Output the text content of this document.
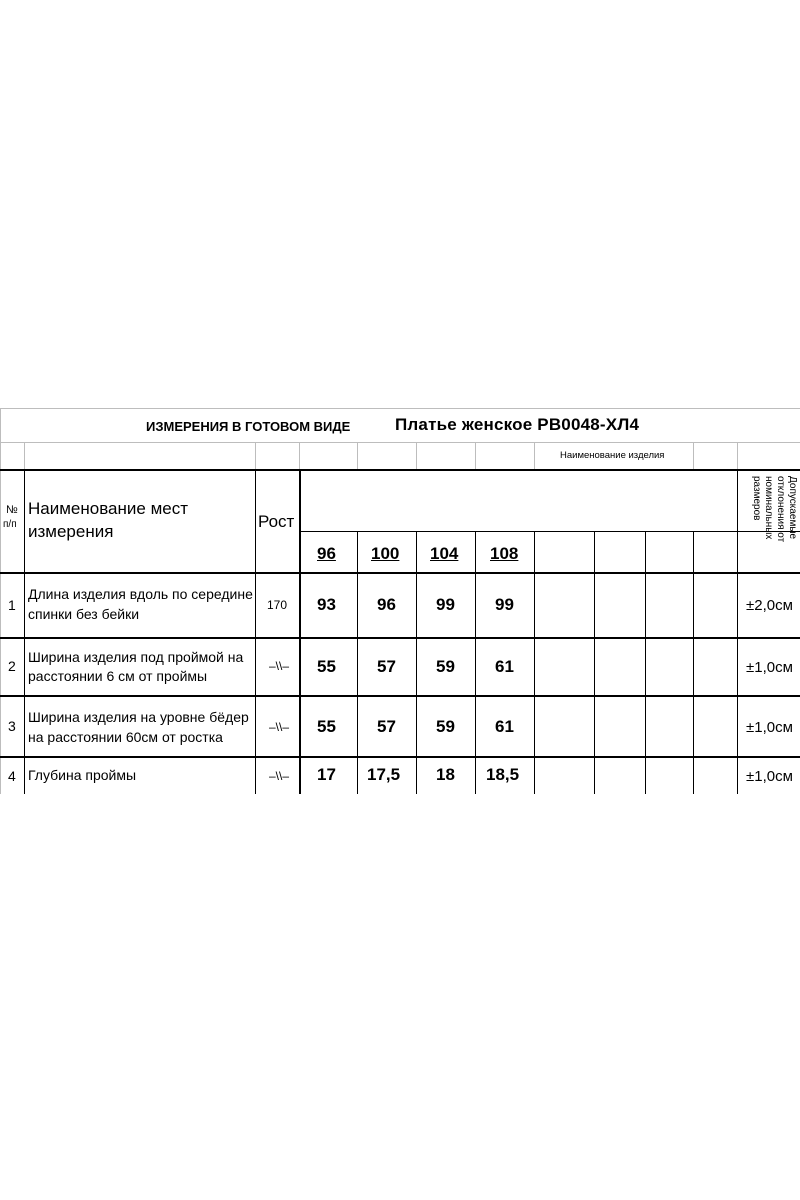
ИЗМЕРЕНИЯ В ГОТОВОМ ВИДЕ	Платье женское РВ0048-ХЛ4
Наименование изделия
№
п/п
Наименование мест
измерения
Рост
96 100 104 108
Допускаемые
отклонения от
номинальных
размеров
1
Длина изделия вдоль по середине
спинки без бейки
170 93 96 99 99	±2,0см
2
Ширина изделия под проймой на
расстоянии 6 см от проймы
–\\– 55 57 59 61	±1,0см
3
Ширина изделия на уровне бёдер
на расстоянии 60см от ростка
–\\– 55 57 59 61	±1,0см
4 Глубина проймы	–\\– 17 17,5 18 18,5	±1,0см
